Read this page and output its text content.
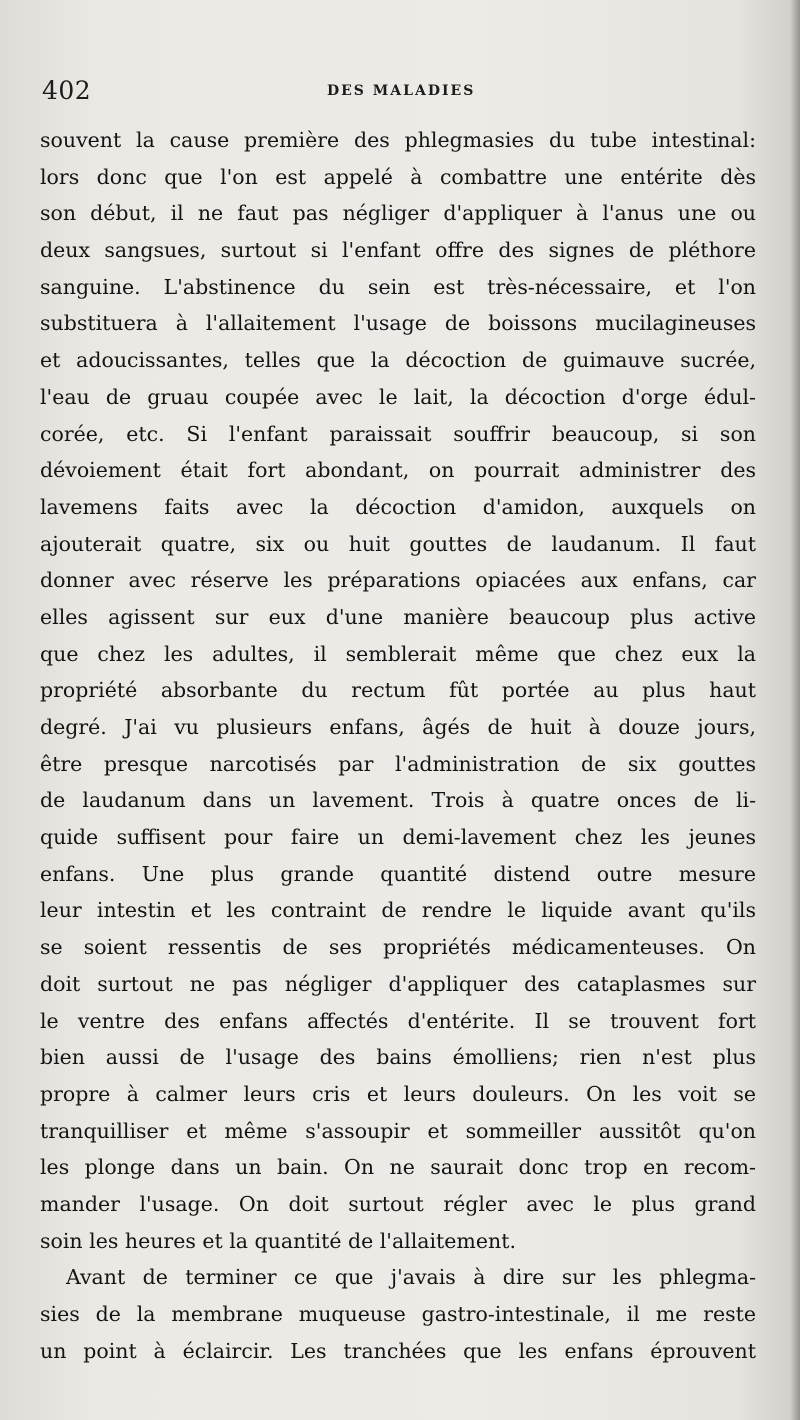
402	DES MALADIES
souvent la cause première des phlegmasies du tube intestinal:
lors donc que l'on est appelé à combattre une entérite dès
son début, il ne faut pas négliger d'appliquer à l'anus une ou
deux sangsues, surtout si l'enfant offre des signes de pléthore
sanguine. L'abstinence du sein est très-nécessaire, et l'on
substituera à l'allaitement l'usage de boissons mucilagineuses
et adoucissantes, telles que la décoction de guimauve sucrée,
l'eau de gruau coupée avec le lait, la décoction d'orge édul-
corée, etc. Si l'enfant paraissait souffrir beaucoup, si son
dévoiement était fort abondant, on pourrait administrer des
lavemens faits avec la décoction d'amidon, auxquels on
ajouterait quatre, six ou huit gouttes de laudanum. Il faut
donner avec réserve les préparations opiacées aux enfans, car
elles agissent sur eux d'une manière beaucoup plus active
que chez les adultes, il semblerait même que chez eux la
propriété absorbante du rectum fût portée au plus haut
degré. J'ai vu plusieurs enfans, âgés de huit à douze jours,
être presque narcotisés par l'administration de six gouttes
de laudanum dans un lavement. Trois à quatre onces de li-
quide suffisent pour faire un demi-lavement chez les jeunes
enfans. Une plus grande quantité distend outre mesure
leur intestin et les contraint de rendre le liquide avant qu'ils
se soient ressentis de ses propriétés médicamenteuses. On
doit surtout ne pas négliger d'appliquer des cataplasmes sur
le ventre des enfans affectés d'entérite. Il se trouvent fort
bien aussi de l'usage des bains émolliens; rien n'est plus
propre à calmer leurs cris et leurs douleurs. On les voit se
tranquilliser et même s'assoupir et sommeiller aussitôt qu'on
les plonge dans un bain. On ne saurait donc trop en recom-
mander l'usage. On doit surtout régler avec le plus grand
soin les heures et la quantité de l'allaitement.
Avant de terminer ce que j'avais à dire sur les phlegma-
sies de la membrane muqueuse gastro-intestinale, il me reste
un point à éclaircir. Les tranchées que les enfans éprouvent
